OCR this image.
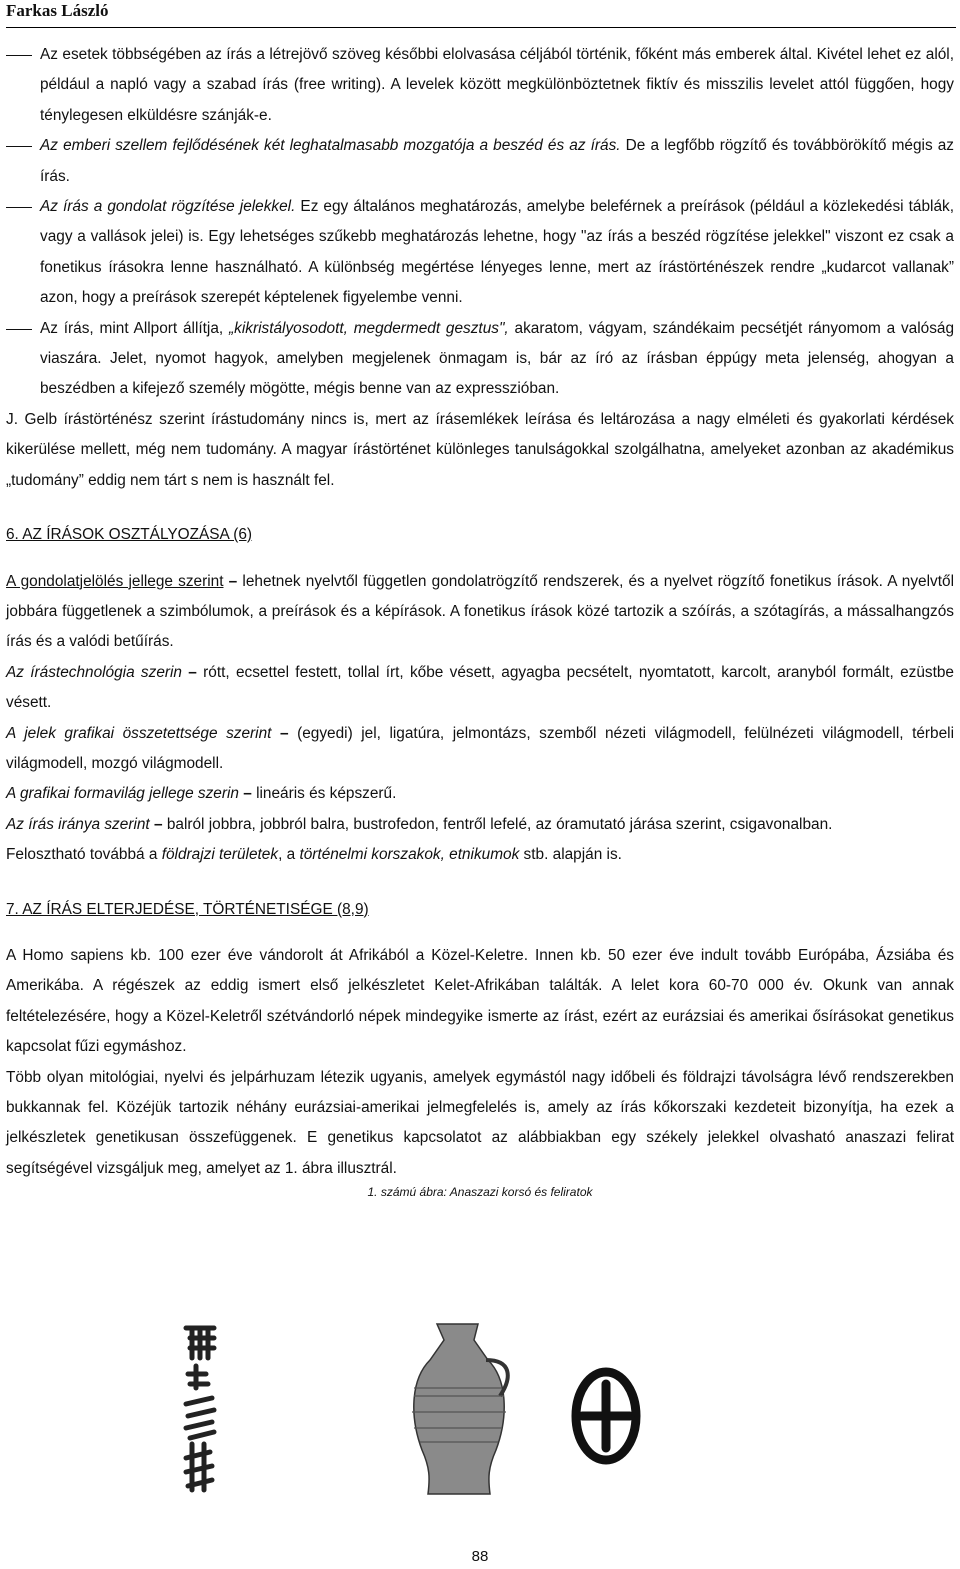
Farkas László
Az esetek többségében az írás a létrejövő szöveg későbbi elolvasása céljából történik, főként más emberek által. Kivétel lehet ez alól, például a napló vagy a szabad írás (free writing). A levelek között megkülönböztetnek fiktív és misszilis levelet attól függően, hogy ténylegesen elküldésre szánják-e.
Az emberi szellem fejlődésének két leghatalmasabb mozgatója a beszéd és az írás. De a legfőbb rögzítő és továbbörökítő mégis az írás.
Az írás a gondolat rögzítése jelekkel. Ez egy általános meghatározás, amelybe beleférnek a preírások (például a közlekedési táblák, vagy a vallások jelei) is. Egy lehetséges szűkebb meghatározás lehetne, hogy "az írás a beszéd rögzítése jelekkel" viszont ez csak a fonetikus írásokra lenne használható. A különbség megértése lényeges lenne, mert az írástörténészek rendre „kudarcot vallanak” azon, hogy a preírások szerepét képtelenek figyelembe venni.
Az írás, mint Allport állítja, „kikristályosodott, megdermedt gesztus", akaratom, vágyam, szándékaim pecsétjét rányomom a valóság viaszára. Jelet, nyomot hagyok, amelyben megjelenek önmagam is, bár az író az írásban éppúgy meta jelenség, ahogyan a beszédben a kifejező személy mögötte, mégis benne van az expresszióban.
J. Gelb írástörténész szerint írástudomány nincs is, mert az írásemlékek leírása és leltározása a nagy elméleti és gyakorlati kérdések kikerülése mellett, még nem tudomány. A magyar írástörténet különleges tanulságokkal szolgálhatna, amelyeket azonban az akadémikus „tudomány” eddig nem tárt s nem is használt fel.
6. AZ ÍRÁSOK OSZTÁLYOZÁSA (6)
A gondolatjelölés jellege szerint – lehetnek nyelvtől független gondolatrögzítő rendszerek, és a nyelvet rögzítő fonetikus írások. A nyelvtől jobbára függetlenek a szimbólumok, a preírások és a képírások. A fonetikus írások közé tartozik a szóírás, a szótagírás, a mássalhangzós írás és a valódi betűírás.
Az írástechnológia szerin – rótt, ecsettel festett, tollal írt, kőbe vésett, agyagba pecsételt, nyomtatott, karcolt, aranyból formált, ezüstbe vésett.
A jelek grafikai összetettsége szerint – (egyedi) jel, ligatúra, jelmontázs, szemből nézeti világmodell, felülnézeti világmodell, térbeli világmodell, mozgó világmodell.
A grafikai formavilág jellege szerin – lineáris és képszerű.
Az írás iránya szerint – balról jobbra, jobbról balra, bustrofedon, fentről lefelé, az óramutató járása szerint, csigavonalban.
Felosztható továbbá a földrajzi területek, a történelmi korszakok, etnikumok stb. alapján is.
7. AZ ÍRÁS ELTERJEDÉSE, TÖRTÉNETISÉGE (8,9)
A Homo sapiens kb. 100 ezer éve vándorolt át Afrikából a Közel-Keletre. Innen kb. 50 ezer éve indult tovább Európába, Ázsiába és Amerikába. A régészek az eddig ismert első jelkészletet Kelet-Afrikában találták. A lelet kora 60-70 000 év. Okunk van annak feltételezésére, hogy a Közel-Keletről szétvándorló népek mindegyike ismerte az írást, ezért az eurázsiai és amerikai ősírásokat genetikus kapcsolat fűzi egymáshoz.
Több olyan mitológiai, nyelvi és jelpárhuzam létezik ugyanis, amelyek egymástól nagy időbeli és földrajzi távolságra lévő rendszerekben bukkannak fel. Közéjük tartozik néhány eurázsiai-amerikai jelmegfelelés is, amely az írás kőkorszaki kezdeteit bizonyítja, ha ezek a jelkészletek genetikusan összefüggenek. E genetikus kapcsolatot az alábbiakban egy székely jelekkel olvasható anaszazi felirat segítségével vizsgáljuk meg, amelyet az 1. ábra illusztrál.
1. számú ábra: Anaszazi korsó és feliratok
88
